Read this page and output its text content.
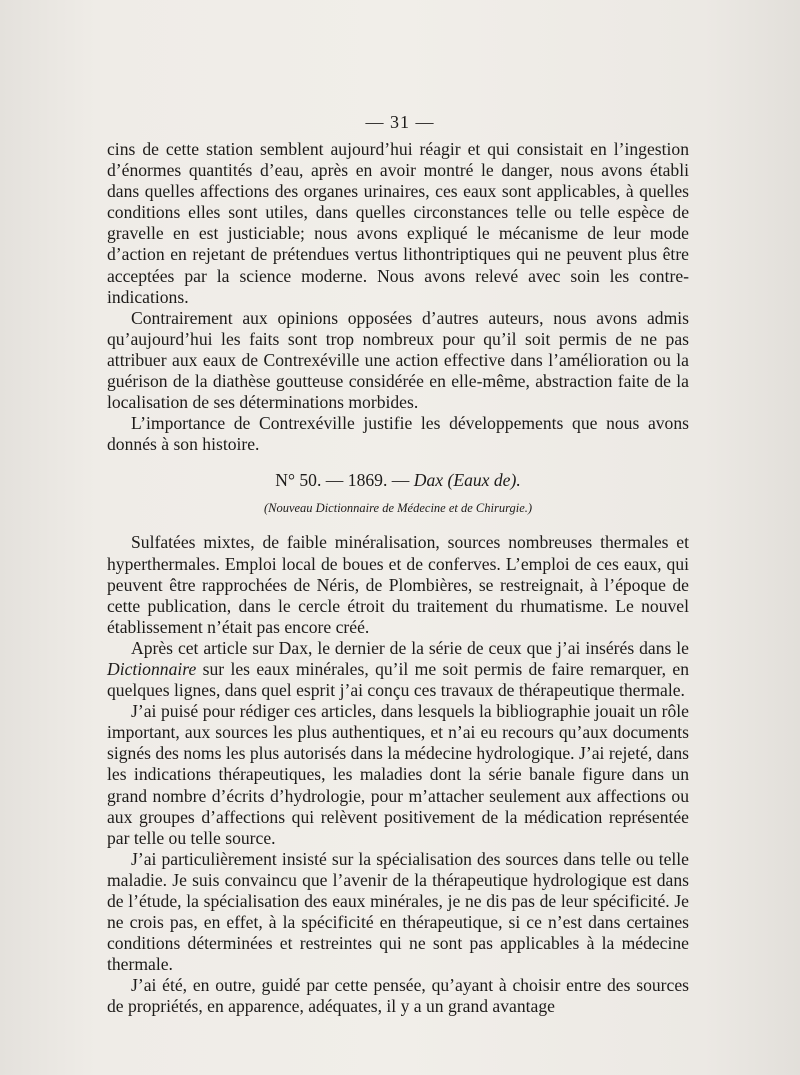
— 31 —

cins de cette station semblent aujourd’hui réagir et qui consistait en l’ingestion d’énormes quantités d’eau, après en avoir montré le danger, nous avons établi dans quelles affections des organes urinaires, ces eaux sont applicables, à quelles conditions elles sont utiles, dans quelles circonstances telle ou telle espèce de gravelle en est justiciable; nous avons expliqué le mécanisme de leur mode d’action en rejetant de prétendues vertus lithontriptiques qui ne peuvent plus être acceptées par la science moderne. Nous avons relevé avec soin les contre-indications.

Contrairement aux opinions opposées d’autres auteurs, nous avons admis qu’aujourd’hui les faits sont trop nombreux pour qu’il soit permis de ne pas attribuer aux eaux de Contrexéville une action effective dans l’amélioration ou la guérison de la diathèse goutteuse considérée en elle-même, abstraction faite de la localisation de ses déterminations morbides.

L’importance de Contrexéville justifie les développements que nous avons donnés à son histoire.

N° 50. — 1869. — Dax (Eaux de).
(Nouveau Dictionnaire de Médecine et de Chirurgie.)

Sulfatées mixtes, de faible minéralisation, sources nombreuses thermales et hyperthermales. Emploi local de boues et de conferves. L’emploi de ces eaux, qui peuvent être rapprochées de Néris, de Plombières, se restreignait, à l’époque de cette publication, dans le cercle étroit du traitement du rhumatisme. Le nouvel établissement n’était pas encore créé.

Après cet article sur Dax, le dernier de la série de ceux que j’ai insérés dans le Dictionnaire sur les eaux minérales, qu’il me soit permis de faire remarquer, en quelques lignes, dans quel esprit j’ai conçu ces travaux de thérapeutique thermale.

J’ai puisé pour rédiger ces articles, dans lesquels la bibliographie jouait un rôle important, aux sources les plus authentiques, et n’ai eu recours qu’aux documents signés des noms les plus autorisés dans la médecine hydrologique. J’ai rejeté, dans les indications thérapeutiques, les maladies dont la série banale figure dans un grand nombre d’écrits d’hydrologie, pour m’attacher seulement aux affections ou aux groupes d’affections qui relèvent positivement de la médication représentée par telle ou telle source.

J’ai particulièrement insisté sur la spécialisation des sources dans telle ou telle maladie. Je suis convaincu que l’avenir de la thérapeutique hydrologique est dans de l’étude, la spécialisation des eaux minérales, je ne dis pas de leur spécificité. Je ne crois pas, en effet, à la spécificité en thérapeutique, si ce n’est dans certaines conditions déterminées et restreintes qui ne sont pas applicables à la médecine thermale.

J’ai été, en outre, guidé par cette pensée, qu’ayant à choisir entre des sources de propriétés, en apparence, adéquates, il y a un grand avantage
